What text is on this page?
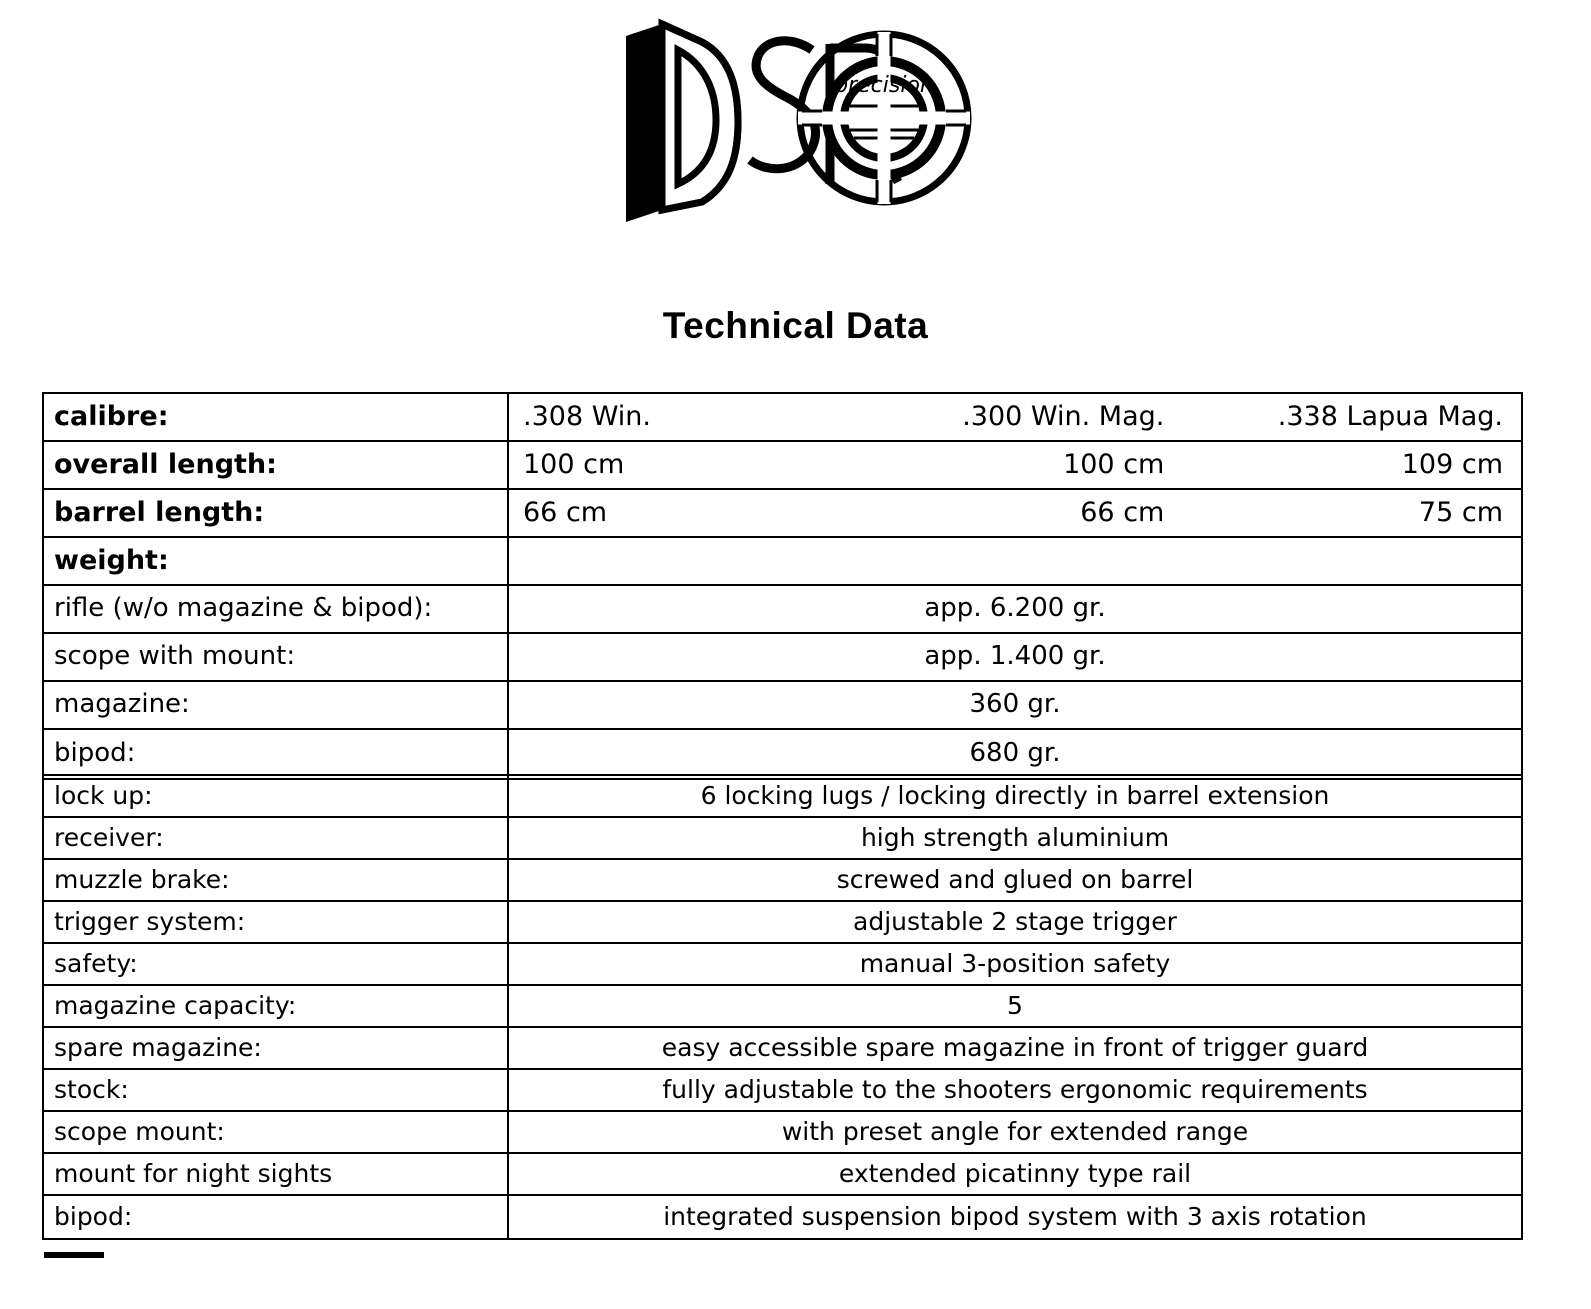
precision
Technical Data
calibre:	.308 Win.	.300 Win. Mag.	.338 Lapua Mag.
overall length:	100 cm	100 cm	109 cm
barrel length:	66 cm	66 cm	75 cm
weight:
rifle (w/o magazine & bipod):	app. 6.200 gr.
scope with mount:	app. 1.400 gr.
magazine:	360 gr.
bipod:	680 gr.
lock up:	6 locking lugs / locking directly in barrel extension
receiver:	high strength aluminium
muzzle brake:	screwed and glued on barrel
trigger system:	adjustable 2 stage trigger
safety:	manual 3-position safety
magazine capacity:	5
spare magazine:	easy accessible spare magazine in front of trigger guard
stock:	fully adjustable to the shooters ergonomic requirements
scope mount:	with preset angle for extended range
mount for night sights	extended picatinny type rail
bipod:	integrated suspension bipod system with 3 axis rotation
